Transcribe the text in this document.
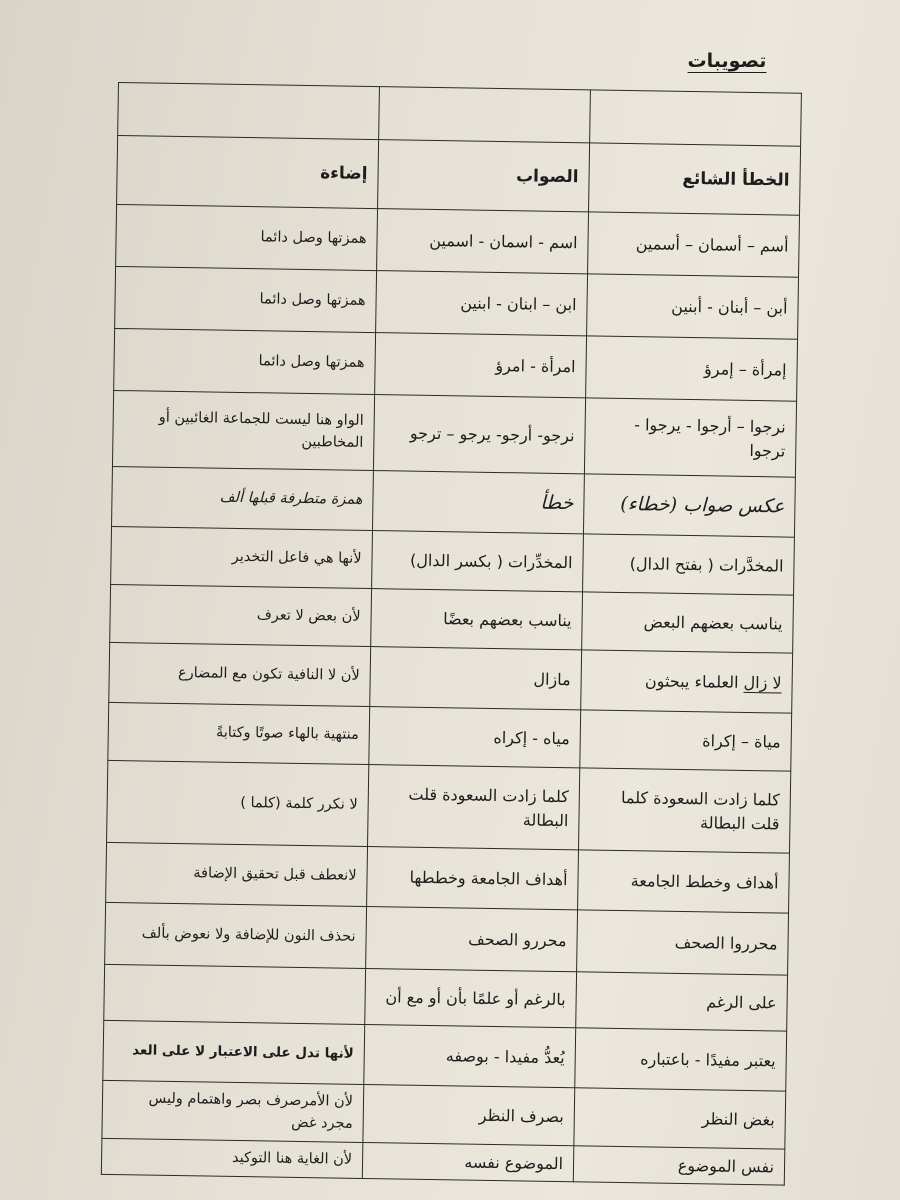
تصويبات

الخطأ الشائع	الصواب	إضاءة
أسم – أسمان – أسمين	اسم - اسمان - اسمين	همزتها وصل دائما
أبن – أبنان - أبنين	ابن – ابنان - ابنين	همزتها وصل دائما
إمرأة – إمرؤ	امرأة - امرؤ	همزتها وصل دائما
نرجوا – أرجوا - يرجوا - ترجوا	نرجو- أرجو- يرجو – ترجو	الواو هنا ليست للجماعة الغائبين أو المخاطبين
عكس صواب (خطاء)	خطأ	همزة متطرفة قبلها ألف
المخدَّرات ( بفتح الدال)	المخدِّرات ( بكسر الدال)	لأنها هي فاعل التخدير
يناسب بعضهم البعض	يناسب بعضهم بعضًا	لأن بعض لا تعرف
لا زال العلماء يبحثون	مازال	لأن لا النافية تكون مع المضارع
مياة – إكراة	مياه - إكراه	منتهية بالهاء صوتًا وكتابةً
كلما زادت السعودة كلما قلت البطالة	كلما زادت السعودة قلت البطالة	لا نكرر كلمة (كلما )
أهداف وخطط الجامعة	أهداف الجامعة وخططها	لانعطف قبل تحقيق الإضافة
محرروا الصحف	محررو الصحف	نحذف النون للإضافة ولا نعوض بألف
على الرغم	بالرغم أو علمًا بأن أو مع أن	
يعتبر مفيدًا - باعتباره	يُعدُّ مفيدا - بوصفه	لأنها تدل على الاعتبار لا على العد
بغض النظر	بصرف النظر	لأن الأمرصرف بصر واهتمام وليس مجرد غض
نفس الموضوع	الموضوع نفسه	لأن الغاية هنا التوكيد
